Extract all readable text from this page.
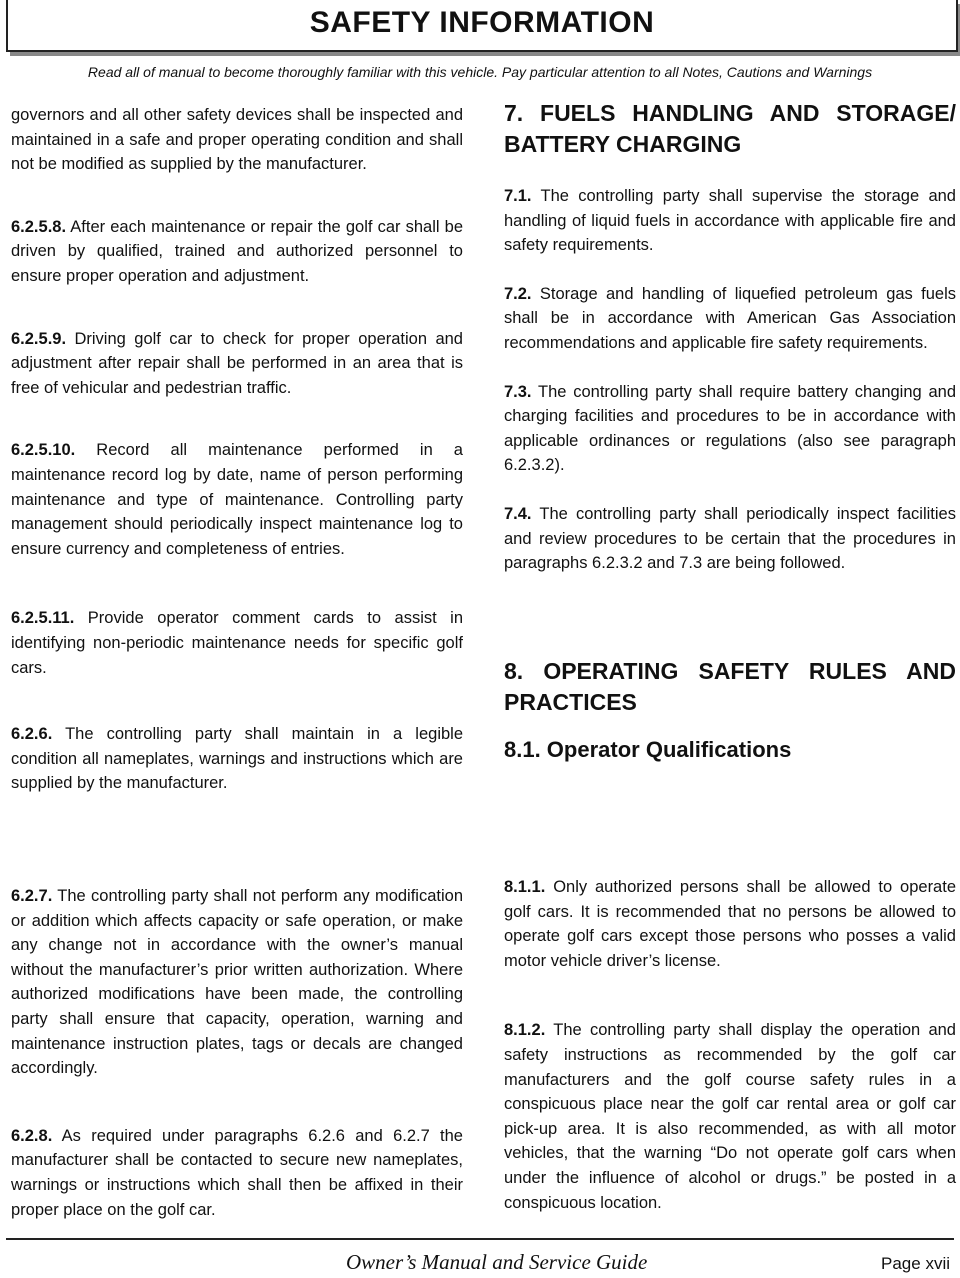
SAFETY INFORMATION
Read all of manual to become thoroughly familiar with this vehicle. Pay particular attention to all Notes, Cautions and Warnings

governors and all other safety devices shall be inspected and maintained in a safe and proper operating condition and shall not be modified as supplied by the manufacturer.

6.2.5.8. After each maintenance or repair the golf car shall be driven by qualified, trained and authorized personnel to ensure proper operation and adjustment.

6.2.5.9. Driving golf car to check for proper operation and adjustment after repair shall be performed in an area that is free of vehicular and pedestrian traffic.

6.2.5.10. Record all maintenance performed in a maintenance record log by date, name of person performing maintenance and type of maintenance. Controlling party management should periodically inspect maintenance log to ensure currency and completeness of entries.

6.2.5.11. Provide operator comment cards to assist in identifying non-periodic maintenance needs for specific golf cars.

6.2.6. The controlling party shall maintain in a legible condition all nameplates, warnings and instructions which are supplied by the manufacturer.

6.2.7. The controlling party shall not perform any modification or addition which affects capacity or safe operation, or make any change not in accordance with the owner’s manual without the manufacturer’s prior written authorization. Where authorized modifications have been made, the controlling party shall ensure that capacity, operation, warning and maintenance instruction plates, tags or decals are changed accordingly.

6.2.8. As required under paragraphs 6.2.6 and 6.2.7 the manufacturer shall be contacted to secure new nameplates, warnings or instructions which shall then be affixed in their proper place on the golf car.

7. FUELS HANDLING AND STORAGE/ BATTERY CHARGING

7.1. The controlling party shall supervise the storage and handling of liquid fuels in accordance with applicable fire and safety requirements.

7.2. Storage and handling of liquefied petroleum gas fuels shall be in accordance with American Gas Association recommendations and applicable fire safety requirements.

7.3. The controlling party shall require battery changing and charging facilities and procedures to be in accordance with applicable ordinances or regulations (also see paragraph 6.2.3.2).

7.4. The controlling party shall periodically inspect facilities and review procedures to be certain that the procedures in paragraphs 6.2.3.2 and 7.3 are being followed.

8. OPERATING SAFETY RULES AND PRACTICES

8.1. Operator Qualifications

8.1.1. Only authorized persons shall be allowed to operate golf cars. It is recommended that no persons be allowed to operate golf cars except those persons who posses a valid motor vehicle driver’s license.

8.1.2. The controlling party shall display the operation and safety instructions as recommended by the golf car manufacturers and the golf course safety rules in a conspicuous place near the golf car rental area or golf car pick-up area. It is also recommended, as with all motor vehicles, that the warning “Do not operate golf cars when under the influence of alcohol or drugs.” be posted in a conspicuous location.

Owner’s Manual and Service Guide	Page xvii
